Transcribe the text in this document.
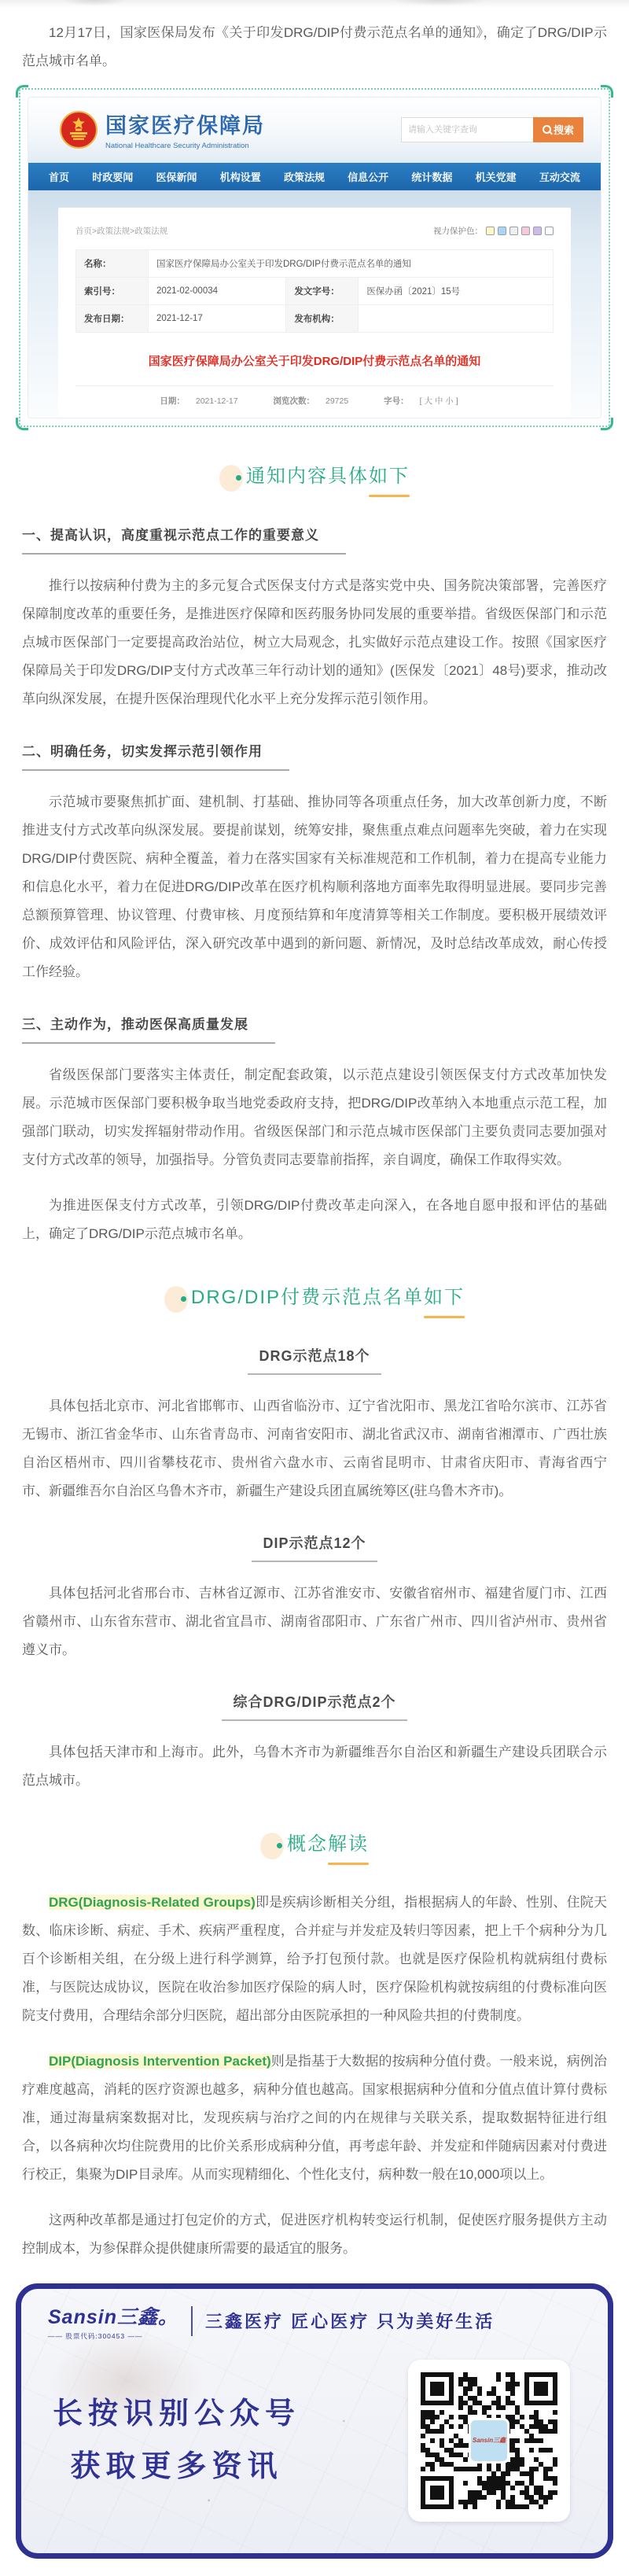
12月17日，国家医保局发布《关于印发DRG/DIP付费示范点名单的通知》，确定了DRG/DIP示范点城市名单。

国家医疗保障局
National Healthcare Security Administration
请输入关键字查询
搜索
首页 时政要闻 医保新闻 机构设置 政策法规 信息公开 统计数据 机关党建 互动交流
首页>政策法规>政策法规	视力保护色：
名称：	国家医疗保障局办公室关于印发DRG/DIP付费示范点名单的通知		
索引号：	2021-02-00034	发文字号：	医保办函〔2021〕15号
发布日期：	2021-12-17	发布机构：	
国家医疗保障局办公室关于印发DRG/DIP付费示范点名单的通知
日期： 2021-12-17	浏览次数： 29725	字号： [ 大 中 小 ]
通知内容具体如下
一、提高认识，高度重视示范点工作的重要意义

推行以按病种付费为主的多元复合式医保支付方式是落实党中央、国务院决策部署，完善医疗保障制度改革的重要任务，是推进医疗保障和医药服务协同发展的重要举措。省级医保部门和示范点城市医保部门一定要提高政治站位，树立大局观念，扎实做好示范点建设工作。按照《国家医疗保障局关于印发DRG/DIP支付方式改革三年行动计划的通知》(医保发〔2021〕48号)要求，推动改革向纵深发展，在提升医保治理现代化水平上充分发挥示范引领作用。

二、明确任务，切实发挥示范引领作用

示范城市要聚焦抓扩面、建机制、打基础、推协同等各项重点任务，加大改革创新力度，不断推进支付方式改革向纵深发展。要提前谋划，统筹安排，聚焦重点难点问题率先突破，着力在实现DRG/DIP付费医院、病种全覆盖，着力在落实国家有关标准规范和工作机制，着力在提高专业能力和信息化水平，着力在促进DRG/DIP改革在医疗机构顺利落地方面率先取得明显进展。要同步完善总额预算管理、协议管理、付费审核、月度预结算和年度清算等相关工作制度。要积极开展绩效评价、成效评估和风险评估，深入研究改革中遇到的新问题、新情况，及时总结改革成效，耐心传授工作经验。

三、主动作为，推动医保高质量发展

省级医保部门要落实主体责任，制定配套政策，以示范点建设引领医保支付方式改革加快发展。示范城市医保部门要积极争取当地党委政府支持，把DRG/DIP改革纳入本地重点示范工程，加强部门联动，切实发挥辐射带动作用。省级医保部门和示范点城市医保部门主要负责同志要加强对支付方式改革的领导，加强指导。分管负责同志要靠前指挥，亲自调度，确保工作取得实效。

为推进医保支付方式改革，引领DRG/DIP付费改革走向深入，在各地自愿申报和评估的基础上，确定了DRG/DIP示范点城市名单。

DRG/DIP付费示范点名单如下
DRG示范点18个

具体包括北京市、河北省邯郸市、山西省临汾市、辽宁省沈阳市、黑龙江省哈尔滨市、江苏省无锡市、浙江省金华市、山东省青岛市、河南省安阳市、湖北省武汉市、湖南省湘潭市、广西壮族自治区梧州市、四川省攀枝花市、贵州省六盘水市、云南省昆明市、甘肃省庆阳市、青海省西宁市、新疆维吾尔自治区乌鲁木齐市，新疆生产建设兵团直属统筹区(驻乌鲁木齐市)。

DIP示范点12个

具体包括河北省邢台市、吉林省辽源市、江苏省淮安市、安徽省宿州市、福建省厦门市、江西省赣州市、山东省东营市、湖北省宜昌市、湖南省邵阳市、广东省广州市、四川省泸州市、贵州省遵义市。

综合DRG/DIP示范点2个

具体包括天津市和上海市。此外，乌鲁木齐市为新疆维吾尔自治区和新疆生产建设兵团联合示范点城市。

概念解读

DRG(Diagnosis-Related Groups)即是疾病诊断相关分组，指根据病人的年龄、性别、住院天数、临床诊断、病症、手术、疾病严重程度，合并症与并发症及转归等因素，把上千个病种分为几百个诊断相关组，在分级上进行科学测算，给予打包预付款。也就是医疗保险机构就病组付费标准，与医院达成协议，医院在收治参加医疗保险的病人时，医疗保险机构就按病组的付费标准向医院支付费用，合理结余部分归医院，超出部分由医院承担的一种风险共担的付费制度。

DIP(Diagnosis Intervention Packet)则是指基于大数据的按病种分值付费。一般来说，病例治疗难度越高，消耗的医疗资源也越多，病种分值也越高。国家根据病种分值和分值点值计算付费标准，通过海量病案数据对比，发现疾病与治疗之间的内在规律与关联关系，提取数据特征进行组合，以各病种次均住院费用的比价关系形成病种分值，再考虑年龄、并发症和伴随病因素对付费进行校正，集聚为DIP目录库。从而实现精细化、个性化支付，病种数一般在10,000项以上。

这两种改革都是通过打包定价的方式，促进医疗机构转变运行机制，促使医疗服务提供方主动控制成本，为参保群众提供健康所需要的最适宜的服务。

Sansin三鑫。
—— 股票代码:300453 ——
三鑫医疗 匠心医疗 只为美好生活
长按识别公众号
获取更多资讯
Sansin三鑫
